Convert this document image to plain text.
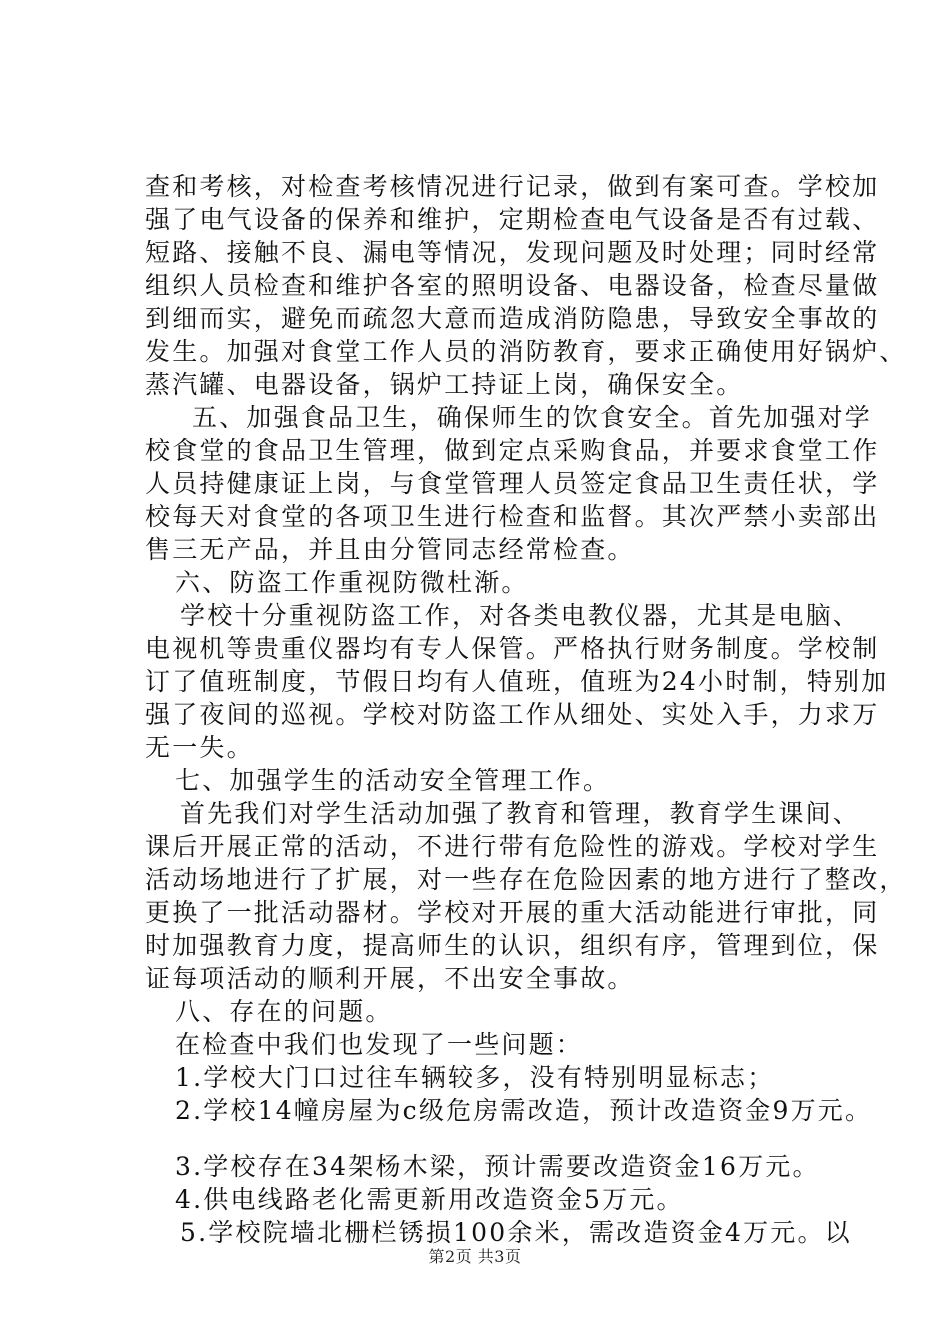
查和考核，对检查考核情况进行记录，做到有案可查。学校加
强了电气设备的保养和维护，定期检查电气设备是否有过载、
短路、接触不良、漏电等情况，发现问题及时处理；同时经常
组织人员检查和维护各室的照明设备、电器设备，检查尽量做
到细而实，避免而疏忽大意而造成消防隐患，导致安全事故的
发生。加强对食堂工作人员的消防教育，要求正确使用好锅炉、
蒸汽罐、电器设备，锅炉工持证上岗，确保安全。
五、加强食品卫生，确保师生的饮食安全。首先加强对学
校食堂的食品卫生管理，做到定点采购食品，并要求食堂工作
人员持健康证上岗，与食堂管理人员签定食品卫生责任状，学
校每天对食堂的各项卫生进行检查和监督。其次严禁小卖部出
售三无产品，并且由分管同志经常检查。
六、防盗工作重视防微杜渐。
学校十分重视防盗工作，对各类电教仪器，尤其是电脑、
电视机等贵重仪器均有专人保管。严格执行财务制度。学校制
订了值班制度，节假日均有人值班，值班为24小时制，特别加
强了夜间的巡视。学校对防盗工作从细处、实处入手，力求万
无一失。
七、加强学生的活动安全管理工作。
首先我们对学生活动加强了教育和管理，教育学生课间、
课后开展正常的活动，不进行带有危险性的游戏。学校对学生
活动场地进行了扩展，对一些存在危险因素的地方进行了整改，
更换了一批活动器材。学校对开展的重大活动能进行审批，同
时加强教育力度，提高师生的认识，组织有序，管理到位，保
证每项活动的顺利开展，不出安全事故。
八、存在的问题。
在检查中我们也发现了一些问题：
1.学校大门口过往车辆较多，没有特别明显标志；
2.学校14幢房屋为c级危房需改造，预计改造资金9万元。
3.学校存在34架杨木梁，预计需要改造资金16万元。
4.供电线路老化需更新用改造资金5万元。
5.学校院墙北栅栏锈损100余米，需改造资金4万元。以
第2页 共3页
